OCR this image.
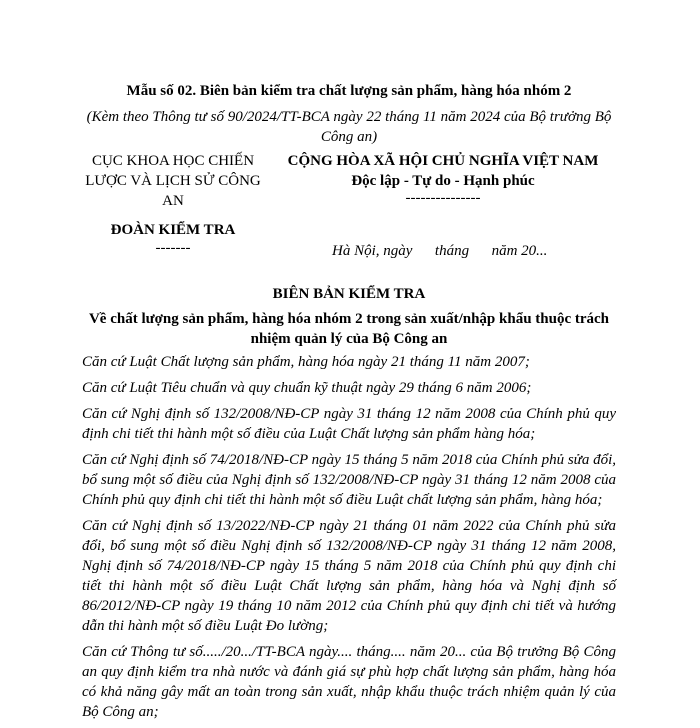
Mẫu số 02. Biên bản kiểm tra chất lượng sản phẩm, hàng hóa nhóm 2
(Kèm theo Thông tư số 90/2024/TT-BCA ngày 22 tháng 11 năm 2024 của Bộ trưởng Bộ Công an)
CỤC KHOA HỌC CHIẾN LƯỢC VÀ LỊCH SỬ CÔNG AN
ĐOÀN KIỂM TRA
-------
CỘNG HÒA XÃ HỘI CHỦ NGHĨA VIỆT NAM
Độc lập - Tự do - Hạnh phúc
---------------
Hà Nội, ngày      tháng      năm 20...
BIÊN BẢN KIỂM TRA
Về chất lượng sản phẩm, hàng hóa nhóm 2 trong sản xuất/nhập khẩu thuộc trách nhiệm quản lý của Bộ Công an
Căn cứ Luật Chất lượng sản phẩm, hàng hóa ngày 21 tháng 11 năm 2007;
Căn cứ Luật Tiêu chuẩn và quy chuẩn kỹ thuật ngày 29 tháng 6 năm 2006;
Căn cứ Nghị định số 132/2008/NĐ-CP ngày 31 tháng 12 năm 2008 của Chính phủ quy định chi tiết thi hành một số điều của Luật Chất lượng sản phẩm hàng hóa;
Căn cứ Nghị định số 74/2018/NĐ-CP ngày 15 tháng 5 năm 2018 của Chính phủ sửa đổi, bổ sung một số điều của Nghị định số 132/2008/NĐ-CP ngày 31 tháng 12 năm 2008 của Chính phủ quy định chi tiết thi hành một số điều Luật chất lượng sản phẩm, hàng hóa;
Căn cứ Nghị định số 13/2022/NĐ-CP ngày 21 tháng 01 năm 2022 của Chính phủ sửa đổi, bổ sung một số điều Nghị định số 132/2008/NĐ-CP ngày 31 tháng 12 năm 2008, Nghị định số 74/2018/NĐ-CP ngày 15 tháng 5 năm 2018 của Chính phủ quy định chi tiết thi hành một số điều Luật Chất lượng sản phẩm, hàng hóa và Nghị định số 86/2012/NĐ-CP ngày 19 tháng 10 năm 2012 của Chính phủ quy định chi tiết và hướng dẫn thi hành một số điều Luật Đo lường;
Căn cứ Thông tư số...../20.../TT-BCA ngày.... tháng.... năm 20... của Bộ trưởng Bộ Công an quy định kiểm tra nhà nước và đánh giá sự phù hợp chất lượng sản phẩm, hàng hóa có khả năng gây mất an toàn trong sản xuất, nhập khẩu thuộc trách nhiệm quản lý của Bộ Công an;
